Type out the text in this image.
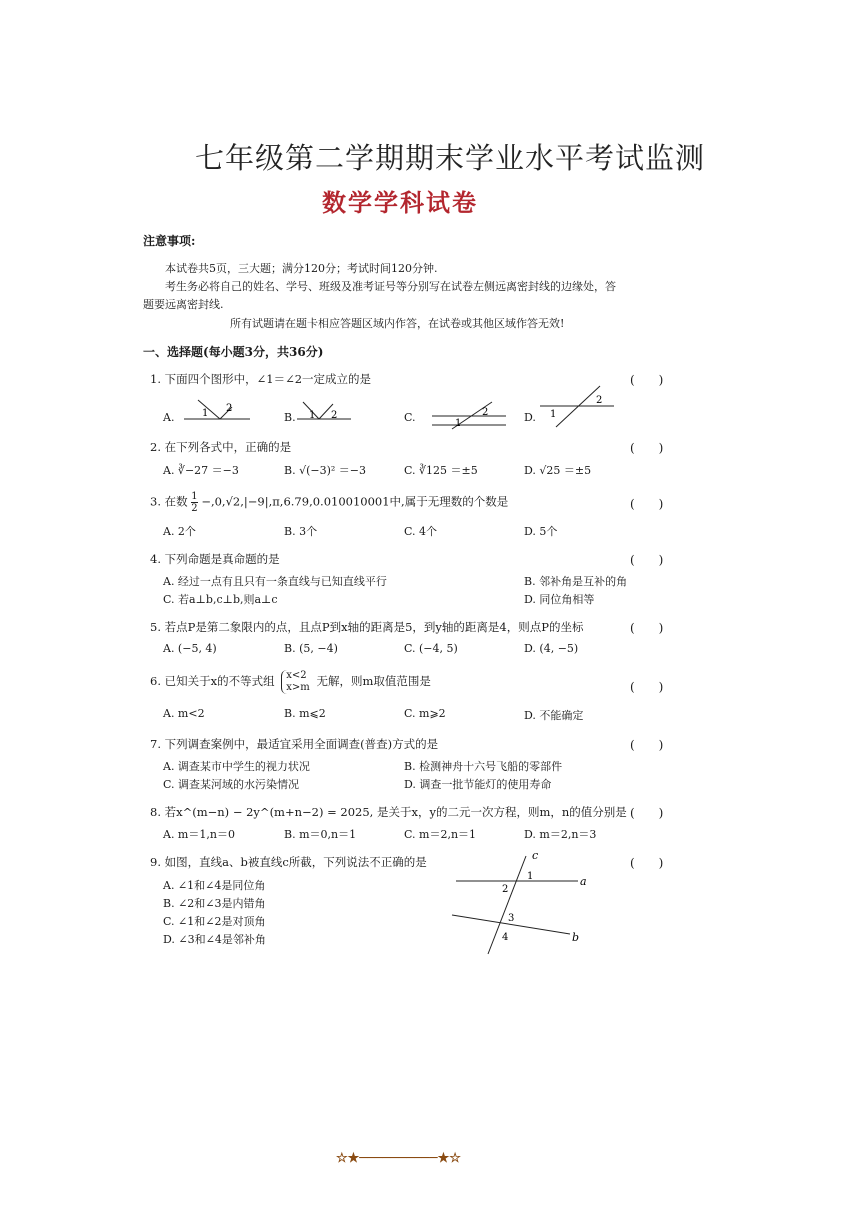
七年级第二学期期末学业水平考试监测
数学学科试卷
注意事项:
本试卷共5页，三大题；满分120分；考试时间120分钟.
考生务必将自己的姓名、学号、班级及准考证号等分别写在试卷左侧远离密封线的边缘处，答
题要远离密封线.
所有试题请在题卡相应答题区域内作答，在试卷或其他区域作答无效!
一、选择题(每小题3分，共36分)
1. 下面四个图形中，∠1＝∠2一定成立的是	(　　)
A.	B.	C.	D.
1 2
1 2
1
2	1
2
2. 在下列各式中，正确的是	(　　)
A. ∛−27 ＝−3	B. √(−3)² ＝−3	C. ∛125 ＝±5	D. √25 ＝±5
3. 在数 $\frac{1}{2} -,0,√2,|-9|,\pi,6.79,0.010010001$中,属于无理数的个数是	(　　)
A. 2个	B. 3个	C. 4个	D. 5个
4. 下列命题是真命题的是	(　　)
A. 经过一点有且只有一条直线与已知直线平行	B. 邻补角是互补的角
C. 若a⊥b,c⊥b,则a⊥c	D. 同位角相等
5. 若点P是第二象限内的点，且点P到x轴的距离是5，到y轴的距离是4，则点P的坐标	(　　)
A. (−5, 4)	B. (5, −4)	C. (−4, 5)	D. (4, −5)
6. 已知关于x的不等式组 x<2
x>m 无解，则m取值范围是	(　　)
A. m<2	B. m⩽2	C. m⩾2	D. 不能确定
7. 下列调查案例中，最适宜采用全面调查(普查)方式的是	(　　)
A. 调查某市中学生的视力状况	B. 检测神舟十六号飞船的零部件
C. 调查某河域的水污染情况	D. 调查一批节能灯的使用寿命
8. 若x^(m−n) − 2y^(m+n−2) = 2025, 是关于x，y的二元一次方程，则m，n的值分别是 (　　)
A. m＝1,n＝0	B. m＝0,n＝1	C. m＝2,n＝1	D. m＝2,n＝3
9. 如图，直线a、b被直线c所截，下列说法不正确的是	(　　)
A. ∠1和∠4是同位角
B. ∠2和∠3是内错角
C. ∠1和∠2是对顶角
D. ∠3和∠4是邻补角
c
a
b
1
2
3
4
☆★──────────★☆
